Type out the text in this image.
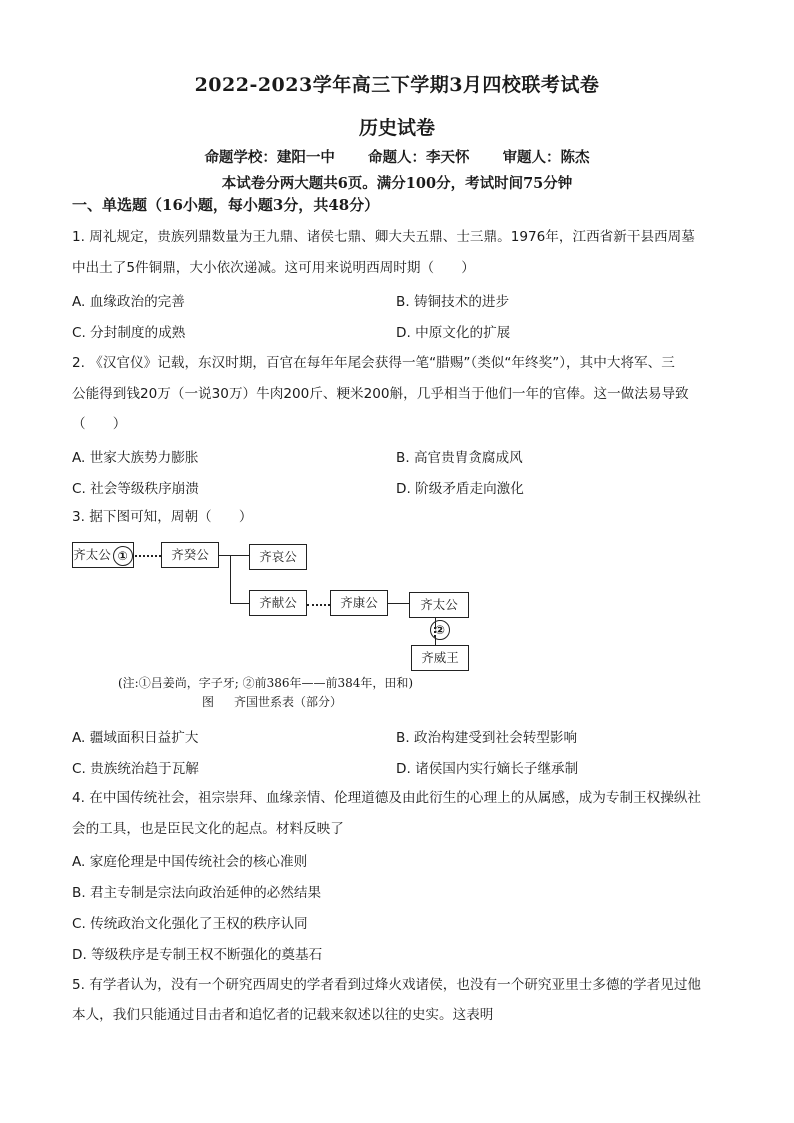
2022-2023学年高三下学期3月四校联考试卷
历史试卷
命题学校：建阳一中 命题人：李天怀 审题人：陈杰
本试卷分两大题共6页。满分100分，考试时间75分钟
一、单选题（16小题，每小题3分，共48分）
1. 周礼规定，贵族列鼎数量为王九鼎、诸侯七鼎、卿大夫五鼎、士三鼎。1976年，江西省新干县西周墓
中出土了5件铜鼎，大小依次递减。这可用来说明西周时期（　　）
A. 血缘政治的完善	B. 铸铜技术的进步
C. 分封制度的成熟	D. 中原文化的扩展
2. 《汉官仪》记载，东汉时期，百官在每年年尾会获得一笔“腊赐”（类似“年终奖”），其中大将军、三
公能得到钱20万（一说30万）牛肉200斤、粳米200斛，几乎相当于他们一年的官俸。这一做法易导致
（　　）
A. 世家大族势力膨胀	B. 高官贵胄贪腐成风
C. 社会等级秩序崩溃	D. 阶级矛盾走向激化
3. 据下图可知，周朝（　　）
齐太公 ①	齐癸公	齐哀公
齐献公	齐康公	齐太公②
齐威王
(注:①吕姜尚，字子牙; ②前386年——前384年，田和)
图 齐国世系表（部分）
A. 疆域面积日益扩大	B. 政治构建受到社会转型影响
C. 贵族统治趋于瓦解	D. 诸侯国内实行嫡长子继承制
4. 在中国传统社会，祖宗崇拜、血缘亲情、伦理道德及由此衍生的心理上的从属感，成为专制王权操纵社
会的工具，也是臣民文化的起点。材料反映了
A. 家庭伦理是中国传统社会的核心准则
B. 君主专制是宗法向政治延伸的必然结果
C. 传统政治文化强化了王权的秩序认同
D. 等级秩序是专制王权不断强化的奠基石
5. 有学者认为，没有一个研究西周史的学者看到过烽火戏诸侯，也没有一个研究亚里士多德的学者见过他
本人，我们只能通过目击者和追忆者的记载来叙述以往的史实。这表明
